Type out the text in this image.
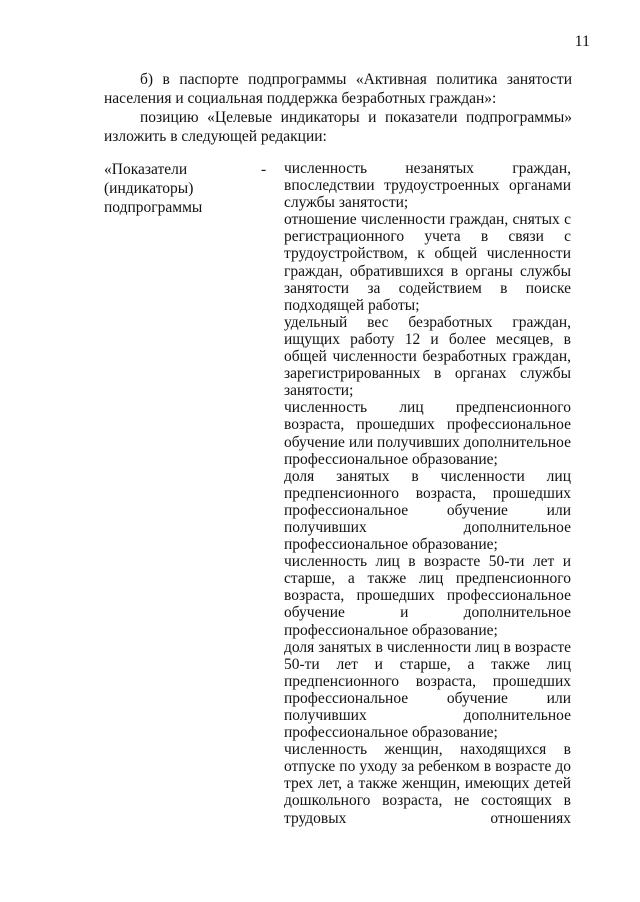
11

б) в паспорте подпрограммы «Активная политика занятости населения и социальная поддержка безработных граждан»:

позицию «Целевые индикаторы и показатели подпрограммы» изложить в следующей редакции:

«Показатели
(индикаторы)
подпрограммы
- численность незанятых граждан, впоследствии трудоустроенных органами службы занятости;
отношение численности граждан, снятых с регистрационного учета в связи с трудоустройством, к общей численности граждан, обратившихся в органы службы занятости за содействием в поиске подходящей работы;
удельный вес безработных граждан, ищущих работу 12 и более месяцев, в общей численности безработных граждан, зарегистрированных в органах службы занятости;
численность лиц предпенсионного возраста, прошедших профессиональное обучение или получивших дополнительное профессиональное образование;
доля занятых в численности лиц предпенсионного возраста, прошедших профессиональное обучение или получивших дополнительное профессиональное образование;
численность лиц в возрасте 50-ти лет и старше, а также лиц предпенсионного возраста, прошедших профессиональное обучение и дополнительное профессиональное образование;
доля занятых в численности лиц в возрасте 50-ти лет и старше, а также лиц предпенсионного возраста, прошедших профессиональное обучение или получивших дополнительное профессиональное образование;
численность женщин, находящихся в отпуске по уходу за ребенком в возрасте до трех лет, а также женщин, имеющих детей дошкольного возраста, не состоящих в трудовых отношениях
